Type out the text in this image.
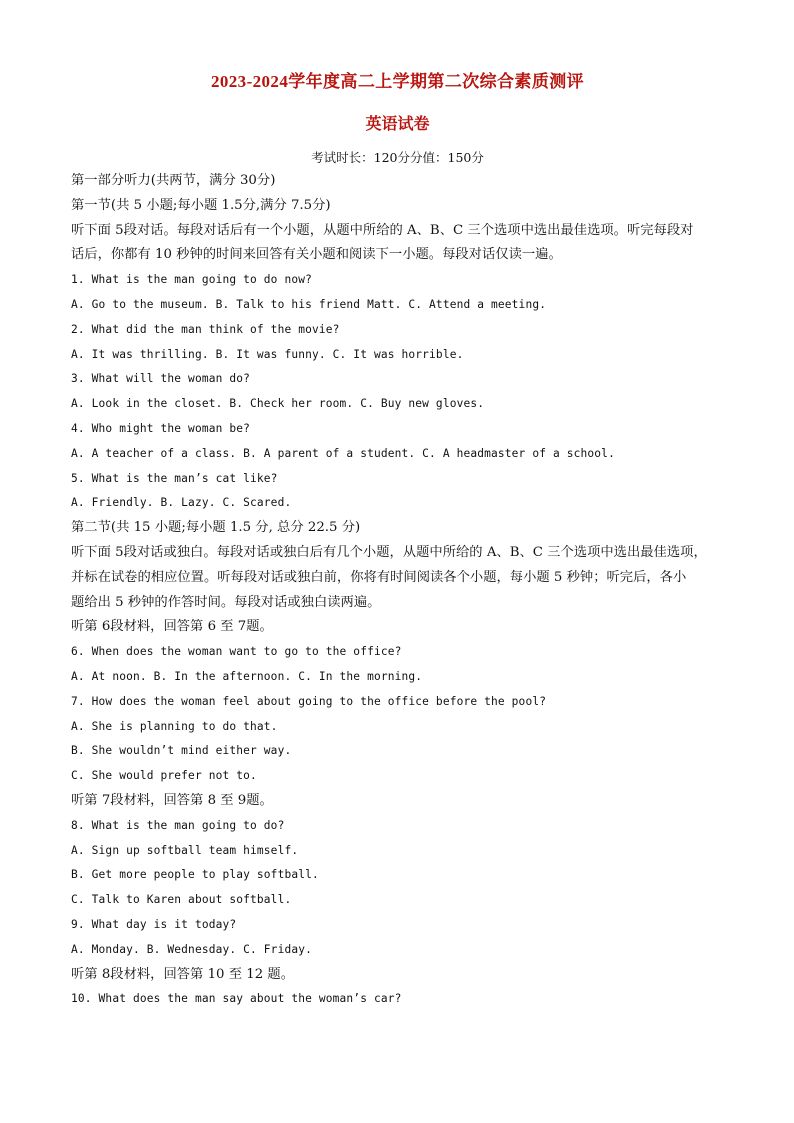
2023-2024学年度高二上学期第二次综合素质测评
英语试卷
考试时长：120分分值：150分
第一部分听力(共两节，满分 30分)
第一节(共 5 小题;每小题 1.5分,满分 7.5分)
听下面 5段对话。每段对话后有一个小题，从题中所给的 A、B、C 三个选项中选出最佳选项。听完每段对
话后，你都有 10 秒钟的时间来回答有关小题和阅读下一小题。每段对话仅读一遍。
1. What is the man going to do now?
A. Go to the museum. B. Talk to his friend Matt. C. Attend a meeting.
2. What did the man think of the movie?
A. It was thrilling. B. It was funny. C. It was horrible.
3. What will the woman do?
A. Look in the closet. B. Check her room. C. Buy new gloves.
4. Who might the woman be?
A. A teacher of a class. B. A parent of a student. C. A headmaster of a school.
5. What is the man’s cat like?
A. Friendly. B. Lazy. C. Scared.
第二节(共 15 小题;每小题 1.5 分, 总分 22.5 分)
听下面 5段对话或独白。每段对话或独白后有几个小题，从题中所给的 A、B、C 三个选项中选出最佳选项，
并标在试卷的相应位置。听每段对话或独白前，你将有时间阅读各个小题，每小题 5 秒钟；听完后，各小
题给出 5 秒钟的作答时间。每段对话或独白读两遍。
听第 6段材料，回答第 6 至 7题。
6. When does the woman want to go to the office?
A. At noon. B. In the afternoon. C. In the morning.
7. How does the woman feel about going to the office before the pool?
A. She is planning to do that.
B. She wouldn’t mind either way.
C. She would prefer not to.
听第 7段材料，回答第 8 至 9题。
8. What is the man going to do?
A. Sign up softball team himself.
B. Get more people to play softball.
C. Talk to Karen about softball.
9. What day is it today?
A. Monday. B. Wednesday. C. Friday.
听第 8段材料，回答第 10 至 12 题。
10. What does the man say about the woman’s car?
